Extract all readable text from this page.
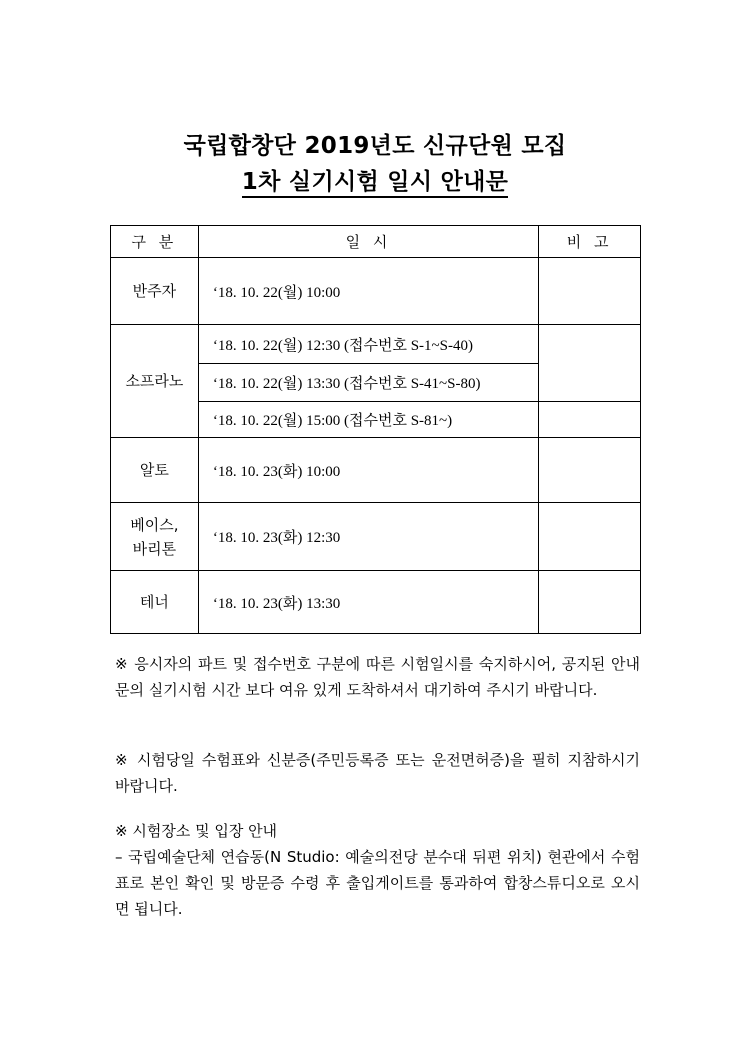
국립합창단 2019년도 신규단원 모집
1차 실기시험 일시 안내문
구 분	일 시	비 고
반주자	‘18. 10. 22(월) 10:00	
소프라노	‘18. 10. 22(월) 12:30 (접수번호 S-1~S-40)	
	‘18. 10. 22(월) 13:30 (접수번호 S-41~S-80)	
	‘18. 10. 22(월) 15:00 (접수번호 S-81~)	
알토	‘18. 10. 23(화) 10:00	

베이스,
바리톤	‘18. 10. 23(화) 12:30	
테너	‘18. 10. 23(화) 13:30	
※ 응시자의 파트 및 접수번호 구분에 따른 시험일시를 숙지하시어, 공지된 안내문의 실기시험 시간 보다 여유 있게 도착하셔서 대기하여 주시기 바랍니다.
※ 시험당일 수험표와 신분증(주민등록증 또는 운전면허증)을 필히 지참하시기 바랍니다.
※ 시험장소 및 입장 안내
– 국립예술단체 연습동(N Studio: 예술의전당 분수대 뒤편 위치) 현관에서 수험표로 본인 확인 및 방문증 수령 후 출입게이트를 통과하여 합창스튜디오로 오시면 됩니다.
